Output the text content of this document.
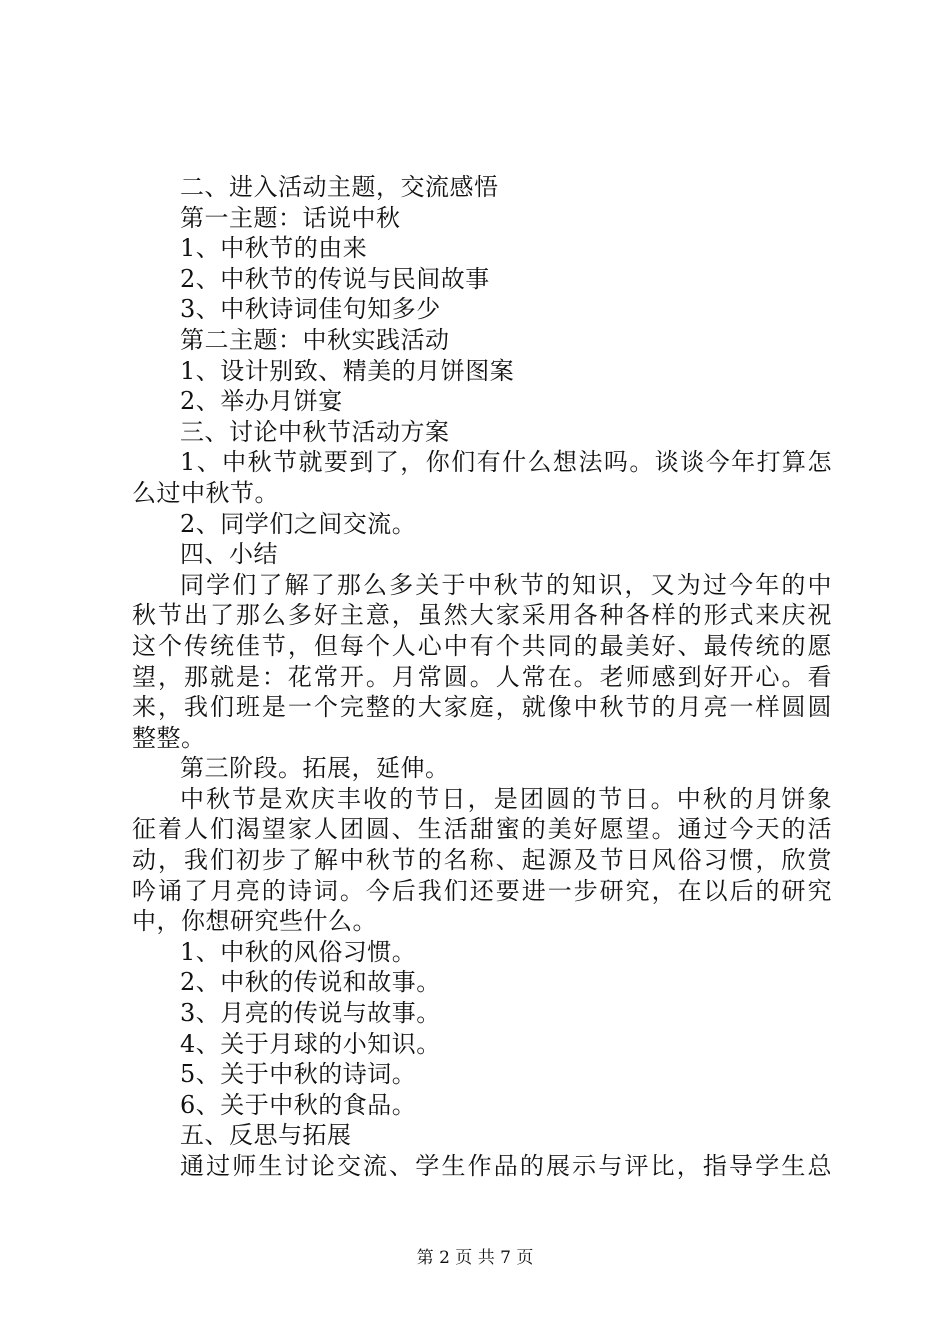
二、进入活动主题，交流感悟
第一主题：话说中秋
1、中秋节的由来
2、中秋节的传说与民间故事
3、中秋诗词佳句知多少
第二主题：中秋实践活动
1、设计别致、精美的月饼图案
2、举办月饼宴
三、讨论中秋节活动方案
1、中秋节就要到了，你们有什么想法吗。谈谈今年打算怎
么过中秋节。
2、同学们之间交流。
四、小结
同学们了解了那么多关于中秋节的知识，又为过今年的中
秋节出了那么多好主意，虽然大家采用各种各样的形式来庆祝
这个传统佳节，但每个人心中有个共同的最美好、最传统的愿
望，那就是：花常开。月常圆。人常在。老师感到好开心。看
来，我们班是一个完整的大家庭，就像中秋节的月亮一样圆圆
整整。
第三阶段。拓展，延伸。
中秋节是欢庆丰收的节日，是团圆的节日。中秋的月饼象
征着人们渴望家人团圆、生活甜蜜的美好愿望。通过今天的活
动，我们初步了解中秋节的名称、起源及节日风俗习惯，欣赏
吟诵了月亮的诗词。今后我们还要进一步研究，在以后的研究
中，你想研究些什么。
1、中秋的风俗习惯。
2、中秋的传说和故事。
3、月亮的传说与故事。
4、关于月球的小知识。
5、关于中秋的诗词。
6、关于中秋的食品。
五、反思与拓展
通过师生讨论交流、学生作品的展示与评比，指导学生总
第 2 页 共 7 页
